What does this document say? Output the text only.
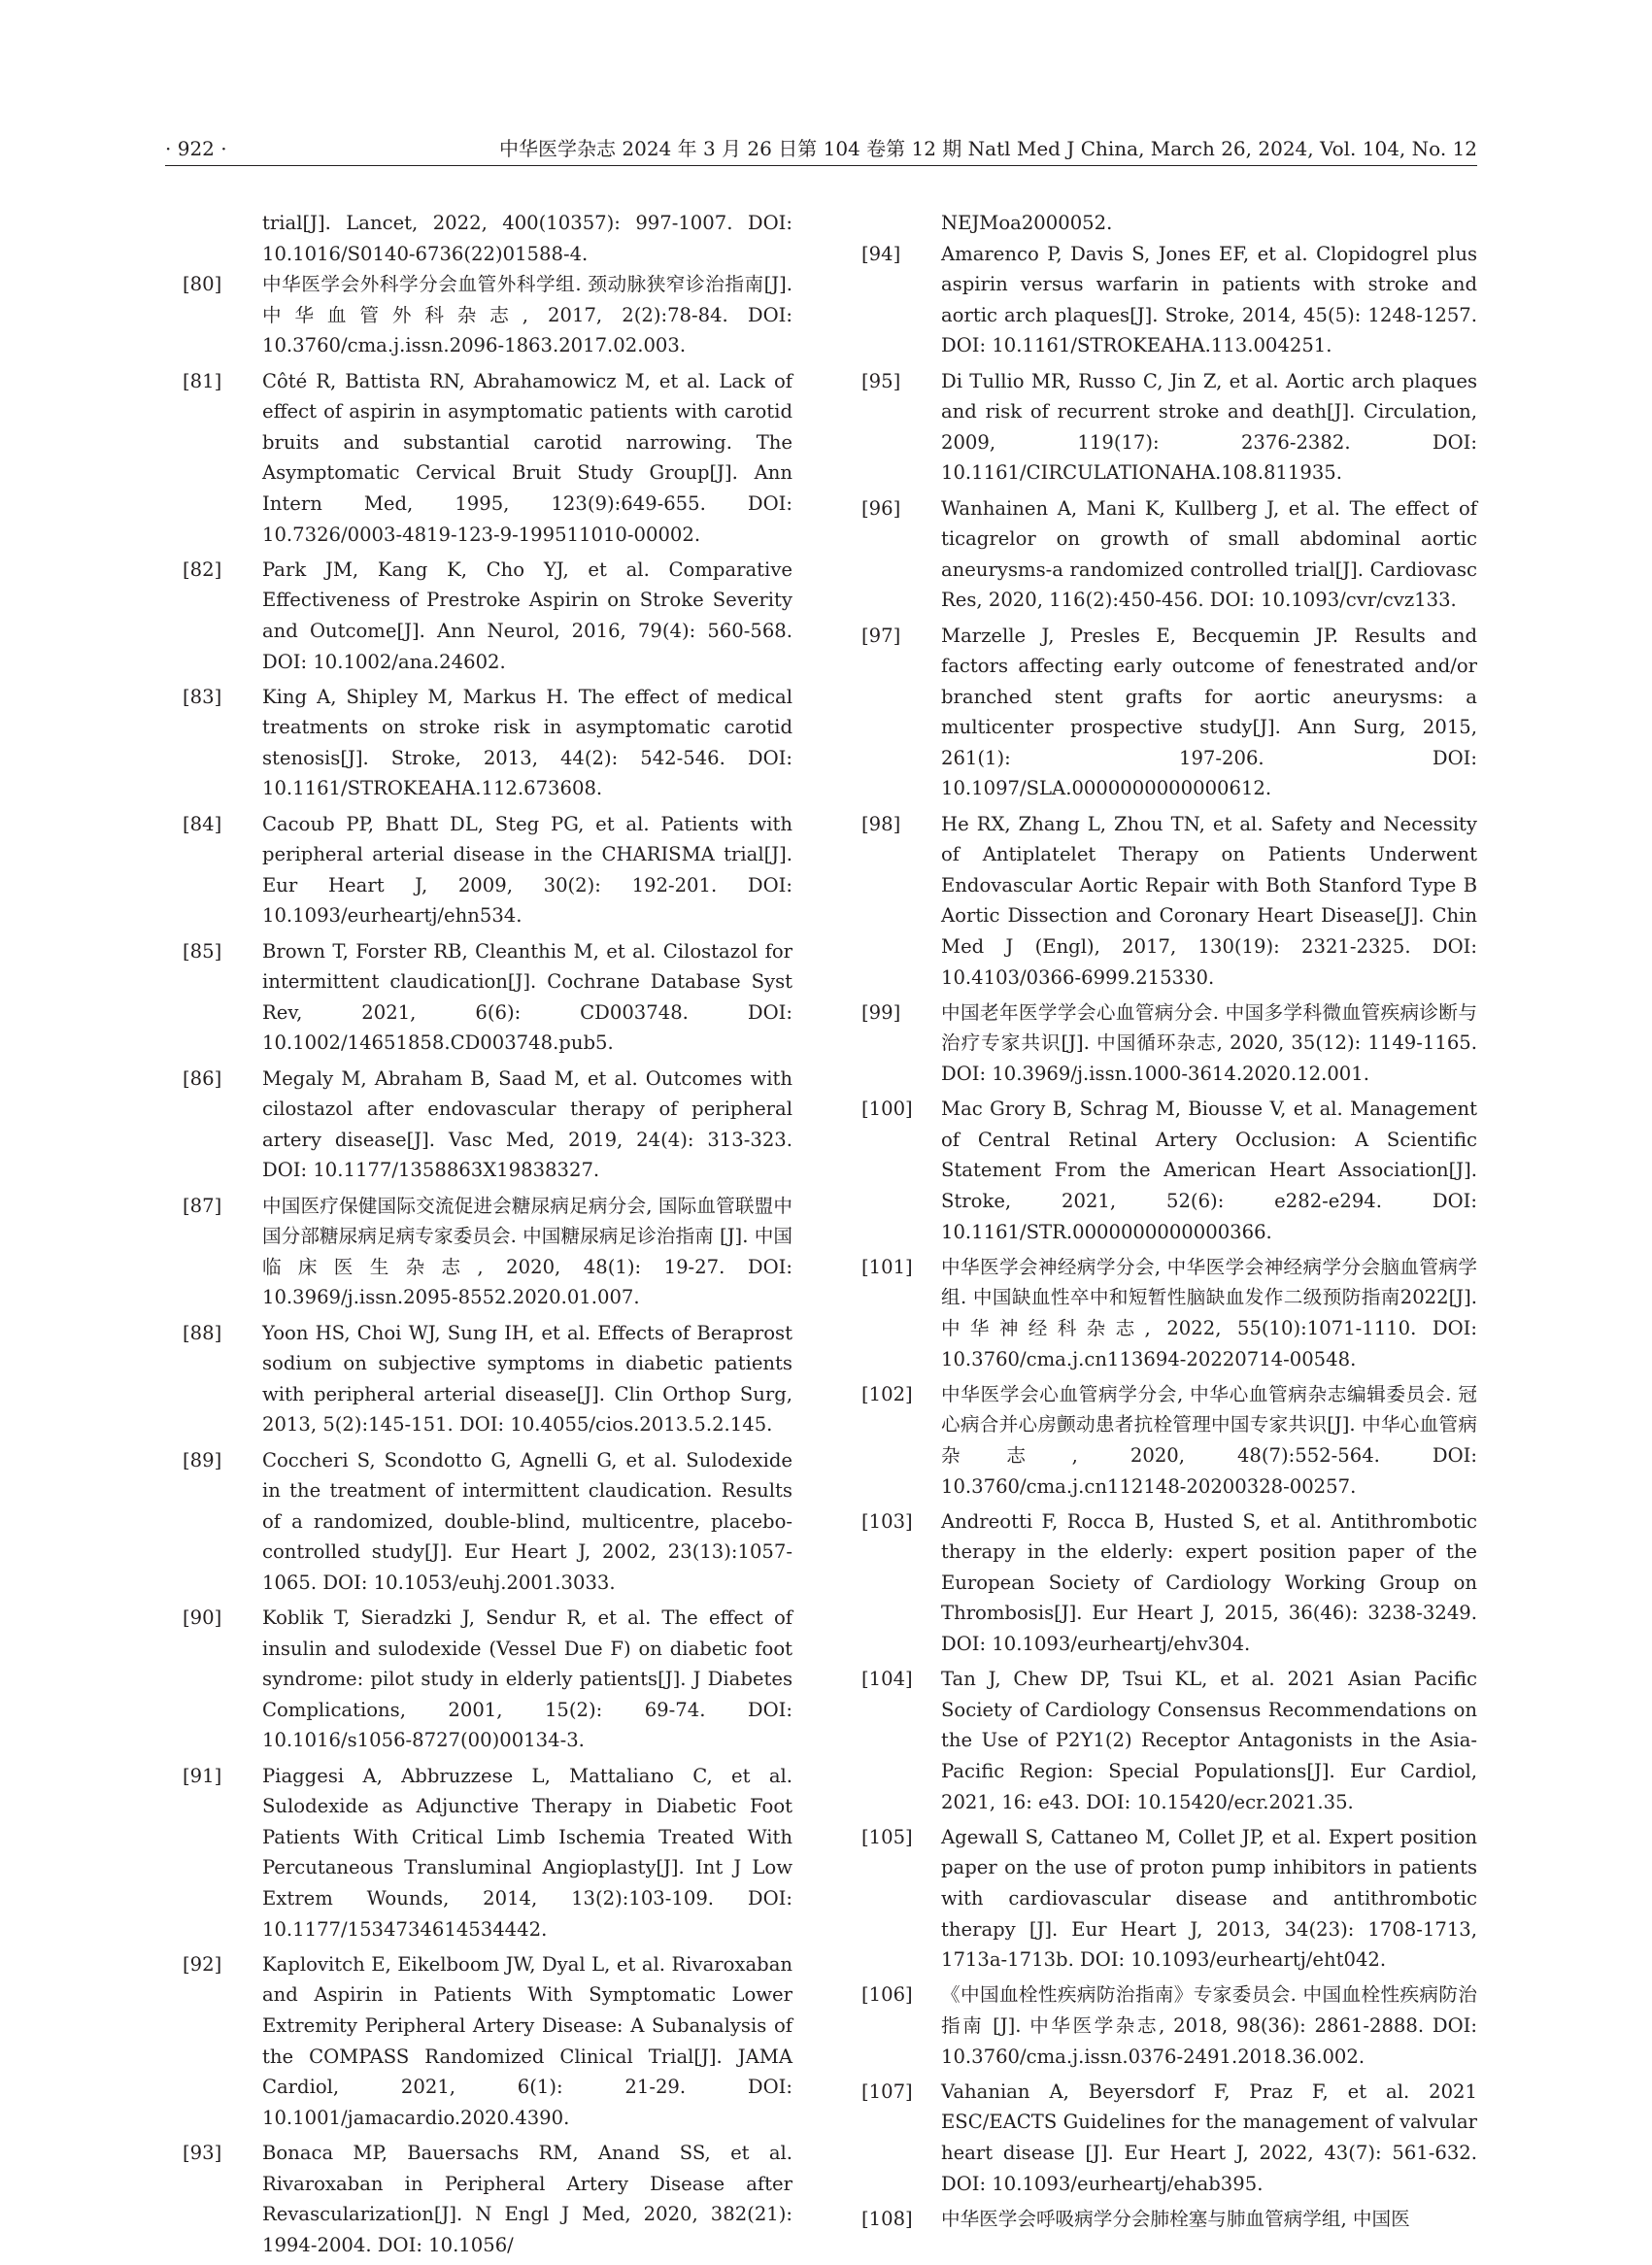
· 922 ·	中华医学杂志 2024 年 3 月 26 日第 104 卷第 12 期 Natl Med J China, March 26, 2024, Vol. 104, No. 12
trial[J]. Lancet, 2022, 400(10357): 997-1007. DOI: 10.1016/S0140-6736(22)01588-4.
[80] 中华医学会外科学分会血管外科学组. 颈动脉狭窄诊治指南[J]. 中华血管外科杂志, 2017, 2(2):78-84. DOI: 10.3760/cma.j.issn.2096-1863.2017.02.003.
[81] Côté R, Battista RN, Abrahamowicz M, et al. Lack of effect of aspirin in asymptomatic patients with carotid bruits and substantial carotid narrowing. The Asymptomatic Cervical Bruit Study Group[J]. Ann Intern Med, 1995, 123(9):649-655. DOI: 10.7326/0003-4819-123-9-199511010-00002.
[82] Park JM, Kang K, Cho YJ, et al. Comparative Effectiveness of Prestroke Aspirin on Stroke Severity and Outcome[J]. Ann Neurol, 2016, 79(4): 560-568. DOI: 10.1002/ana.24602.
[83] King A, Shipley M, Markus H. The effect of medical treatments on stroke risk in asymptomatic carotid stenosis[J]. Stroke, 2013, 44(2): 542-546. DOI: 10.1161/STROKEAHA.112.673608.
[84] Cacoub PP, Bhatt DL, Steg PG, et al. Patients with peripheral arterial disease in the CHARISMA trial[J]. Eur Heart J, 2009, 30(2): 192-201. DOI: 10.1093/eurheartj/ehn534.
[85] Brown T, Forster RB, Cleanthis M, et al. Cilostazol for intermittent claudication[J]. Cochrane Database Syst Rev, 2021, 6(6): CD003748. DOI: 10.1002/14651858.CD003748.pub5.
[86] Megaly M, Abraham B, Saad M, et al. Outcomes with cilostazol after endovascular therapy of peripheral artery disease[J]. Vasc Med, 2019, 24(4): 313-323. DOI: 10.1177/1358863X19838327.
[87] 中国医疗保健国际交流促进会糖尿病足病分会, 国际血管联盟中国分部糖尿病足病专家委员会. 中国糖尿病足诊治指南 [J]. 中国临床医生杂志, 2020, 48(1): 19-27. DOI: 10.3969/j.issn.2095-8552.2020.01.007.
[88] Yoon HS, Choi WJ, Sung IH, et al. Effects of Beraprost sodium on subjective symptoms in diabetic patients with peripheral arterial disease[J]. Clin Orthop Surg, 2013, 5(2):145-151. DOI: 10.4055/cios.2013.5.2.145.
[89] Coccheri S, Scondotto G, Agnelli G, et al. Sulodexide in the treatment of intermittent claudication. Results of a randomized, double-blind, multicentre, placebo-controlled study[J]. Eur Heart J, 2002, 23(13):1057-1065. DOI: 10.1053/euhj.2001.3033.
[90] Koblik T, Sieradzki J, Sendur R, et al. The effect of insulin and sulodexide (Vessel Due F) on diabetic foot syndrome: pilot study in elderly patients[J]. J Diabetes Complications, 2001, 15(2): 69-74. DOI: 10.1016/s1056-8727(00)00134-3.
[91] Piaggesi A, Abbruzzese L, Mattaliano C, et al. Sulodexide as Adjunctive Therapy in Diabetic Foot Patients With Critical Limb Ischemia Treated With Percutaneous Transluminal Angioplasty[J]. Int J Low Extrem Wounds, 2014, 13(2):103-109. DOI: 10.1177/1534734614534442.
[92] Kaplovitch E, Eikelboom JW, Dyal L, et al. Rivaroxaban and Aspirin in Patients With Symptomatic Lower Extremity Peripheral Artery Disease: A Subanalysis of the COMPASS Randomized Clinical Trial[J]. JAMA Cardiol, 2021, 6(1): 21-29. DOI: 10.1001/jamacardio.2020.4390.
[93] Bonaca MP, Bauersachs RM, Anand SS, et al. Rivaroxaban in Peripheral Artery Disease after Revascularization[J]. N Engl J Med, 2020, 382(21): 1994-2004. DOI: 10.1056/
NEJMoa2000052.
[94] Amarenco P, Davis S, Jones EF, et al. Clopidogrel plus aspirin versus warfarin in patients with stroke and aortic arch plaques[J]. Stroke, 2014, 45(5): 1248-1257. DOI: 10.1161/STROKEAHA.113.004251.
[95] Di Tullio MR, Russo C, Jin Z, et al. Aortic arch plaques and risk of recurrent stroke and death[J]. Circulation, 2009, 119(17): 2376-2382. DOI: 10.1161/CIRCULATIONAHA.108.811935.
[96] Wanhainen A, Mani K, Kullberg J, et al. The effect of ticagrelor on growth of small abdominal aortic aneurysms-a randomized controlled trial[J]. Cardiovasc Res, 2020, 116(2):450-456. DOI: 10.1093/cvr/cvz133.
[97] Marzelle J, Presles E, Becquemin JP. Results and factors affecting early outcome of fenestrated and/or branched stent grafts for aortic aneurysms: a multicenter prospective study[J]. Ann Surg, 2015, 261(1): 197-206. DOI: 10.1097/SLA.0000000000000612.
[98] He RX, Zhang L, Zhou TN, et al. Safety and Necessity of Antiplatelet Therapy on Patients Underwent Endovascular Aortic Repair with Both Stanford Type B Aortic Dissection and Coronary Heart Disease[J]. Chin Med J (Engl), 2017, 130(19): 2321-2325. DOI: 10.4103/0366-6999.215330.
[99] 中国老年医学学会心血管病分会. 中国多学科微血管疾病诊断与治疗专家共识[J]. 中国循环杂志, 2020, 35(12): 1149-1165. DOI: 10.3969/j.issn.1000-3614.2020.12.001.
[100] Mac Grory B, Schrag M, Biousse V, et al. Management of Central Retinal Artery Occlusion: A Scientific Statement From the American Heart Association[J]. Stroke, 2021, 52(6): e282-e294. DOI: 10.1161/STR.0000000000000366.
[101] 中华医学会神经病学分会, 中华医学会神经病学分会脑血管病学组. 中国缺血性卒中和短暂性脑缺血发作二级预防指南2022[J]. 中华神经科杂志, 2022, 55(10):1071-1110. DOI: 10.3760/cma.j.cn113694-20220714-00548.
[102] 中华医学会心血管病学分会, 中华心血管病杂志编辑委员会. 冠心病合并心房颤动患者抗栓管理中国专家共识[J]. 中华心血管病杂志, 2020, 48(7):552-564. DOI: 10.3760/cma.j.cn112148-20200328-00257.
[103] Andreotti F, Rocca B, Husted S, et al. Antithrombotic therapy in the elderly: expert position paper of the European Society of Cardiology Working Group on Thrombosis[J]. Eur Heart J, 2015, 36(46): 3238-3249. DOI: 10.1093/eurheartj/ehv304.
[104] Tan J, Chew DP, Tsui KL, et al. 2021 Asian Pacific Society of Cardiology Consensus Recommendations on the Use of P2Y1(2) Receptor Antagonists in the Asia-Pacific Region: Special Populations[J]. Eur Cardiol, 2021, 16: e43. DOI: 10.15420/ecr.2021.35.
[105] Agewall S, Cattaneo M, Collet JP, et al. Expert position paper on the use of proton pump inhibitors in patients with cardiovascular disease and antithrombotic therapy [J]. Eur Heart J, 2013, 34(23): 1708-1713, 1713a-1713b. DOI: 10.1093/eurheartj/eht042.
[106] 《中国血栓性疾病防治指南》专家委员会. 中国血栓性疾病防治指南 [J]. 中华医学杂志, 2018, 98(36): 2861-2888. DOI: 10.3760/cma.j.issn.0376-2491.2018.36.002.
[107] Vahanian A, Beyersdorf F, Praz F, et al. 2021 ESC/EACTS Guidelines for the management of valvular heart disease [J]. Eur Heart J, 2022, 43(7): 561-632. DOI: 10.1093/eurheartj/ehab395.
[108] 中华医学会呼吸病学分会肺栓塞与肺血管病学组, 中国医
